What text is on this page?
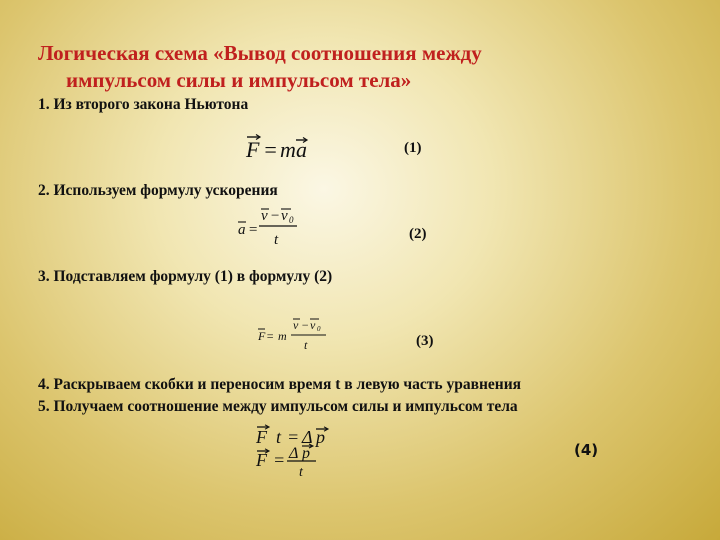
Логическая схема «Вывод соотношения между
импульсом силы и импульсом тела»
1. Из второго закона Ньютона
F = m a	(1)
2. Используем формулу ускорения
a =
v − v 0
t	(2)
3. Подставляем формулу (1) в формулу (2)
F = m
v − v 0
t	(3)
4. Раскрываем скобки и переносим время t в левую часть уравнения
5. Получаем соотношение между импульсом силы и импульсом тела
F t = Δ p
F = Δ p
t
(4)
